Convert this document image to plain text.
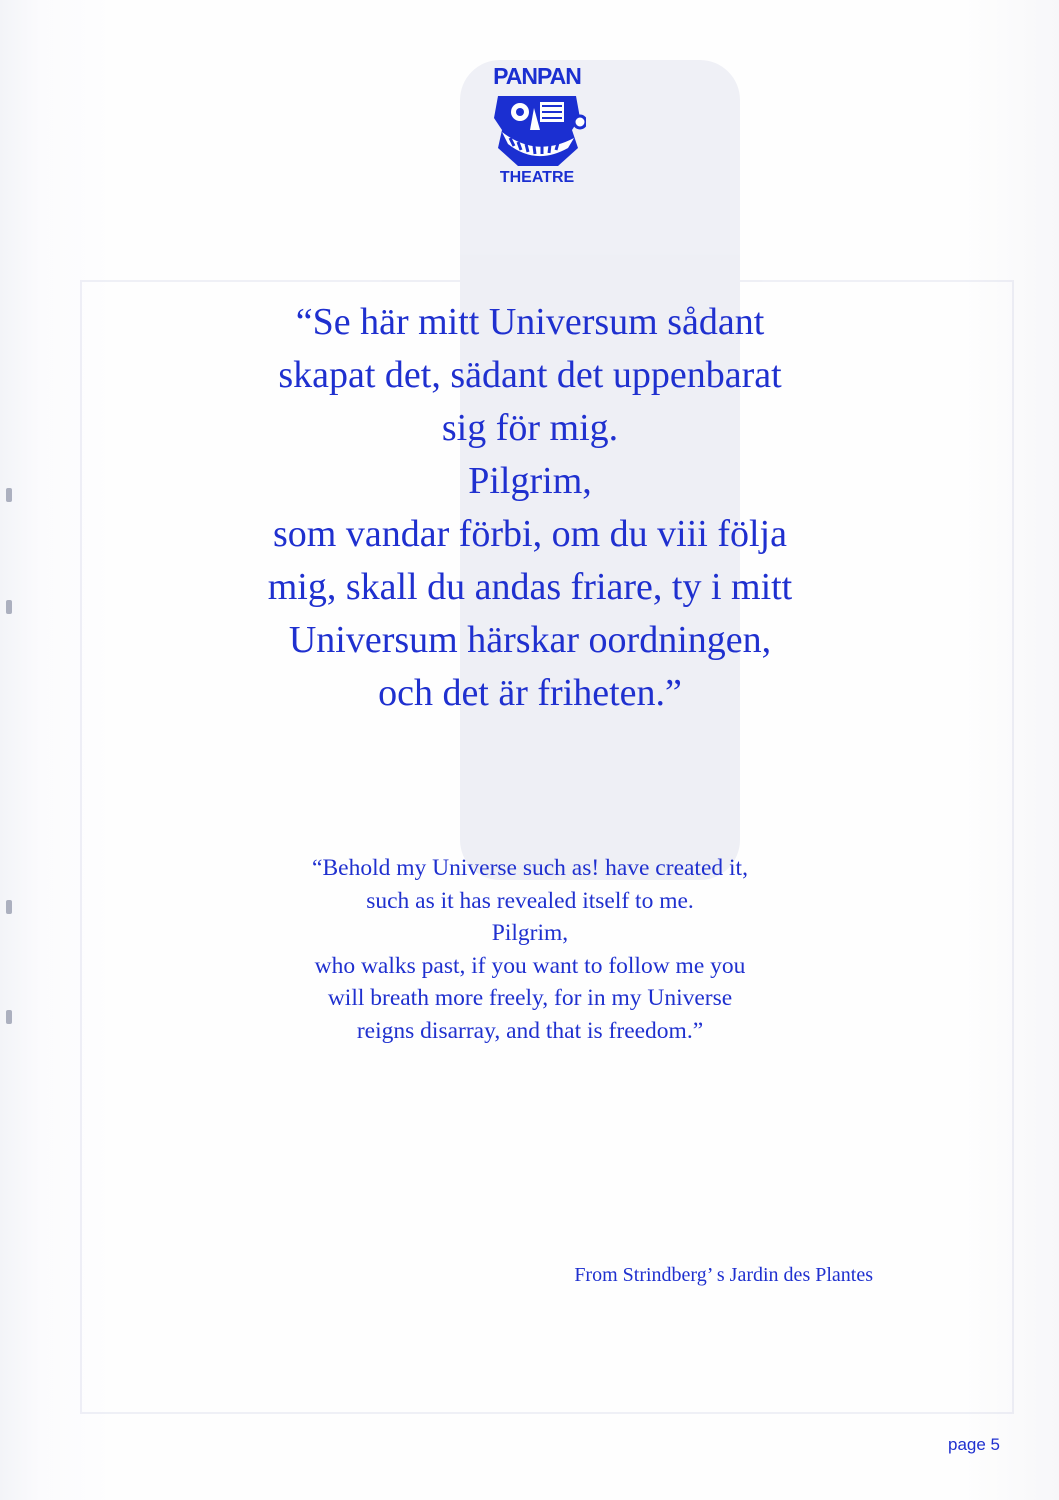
PANPAN
THEATRE
“Se här mitt Universum sådant
skapat det, sädant det uppenbarat
sig för mig.
Pilgrim,
som vandar förbi, om du viii följa
mig, skall du andas friare, ty i mitt
Universum härskar oordningen,
och det är friheten.”
“Behold my Universe such as! have created it,
such as it has revealed itself to me.
Pilgrim,
who walks past, if you want to follow me you
will breath more freely, for in my Universe
reigns disarray, and that is freedom.”
From Strindberg’ s Jardin des Plantes
page 5
